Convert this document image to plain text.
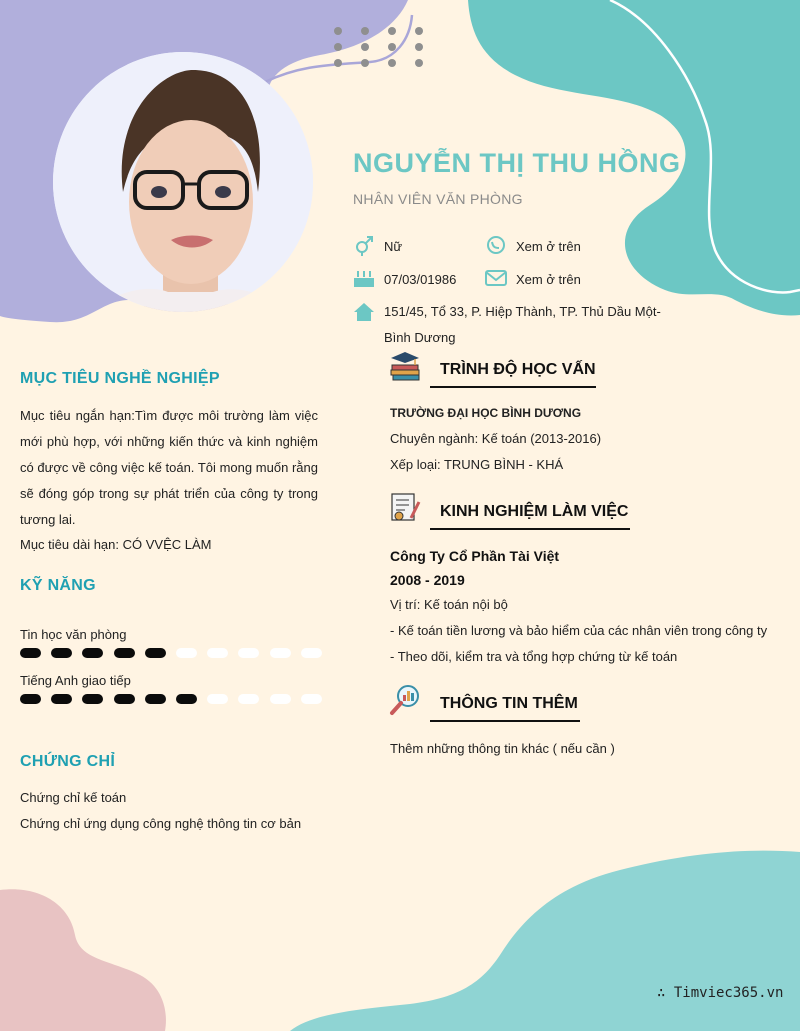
NGUYỄN THỊ THU HỒNG
NHÂN VIÊN VĂN PHÒNG
Nữ	Xem ở trên
07/03/01986	Xem ở trên
151/45, Tổ 33, P. Hiệp Thành, TP. Thủ Dầu Một-Bình Dương
MỤC TIÊU NGHỀ NGHIỆP
Mục tiêu ngắn hạn:Tìm được môi trường làm việc mới phù hợp, với những kiến thức và kinh nghiệm có được về công việc kế toán. Tôi mong muốn rằng sẽ đóng góp trong sự phát triển của công ty trong tương lai.
Mục tiêu dài hạn: CÓ VVỆC LÀM
KỸ NĂNG
Tin học văn phòng
Tiếng Anh giao tiếp
CHỨNG CHỈ
Chứng chỉ kế toán
Chứng chỉ ứng dụng công nghệ thông tin cơ bản
TRÌNH ĐỘ HỌC VẤN
TRƯỜNG ĐẠI HỌC BÌNH DƯƠNG
Chuyên ngành: Kế toán (2013-2016)
Xếp loại: TRUNG BÌNH - KHÁ
KINH NGHIỆM LÀM VIỆC
Công Ty Cổ Phần Tài Việt
2008 - 2019
Vị trí: Kế toán nội bộ
- Kế toán tiền lương và bảo hiểm của các nhân viên trong công ty
- Theo dõi, kiểm tra và tổng hợp chứng từ kế toán
THÔNG TIN THÊM
Thêm những thông tin khác ( nếu cần )
∴ Timviec365.vn
